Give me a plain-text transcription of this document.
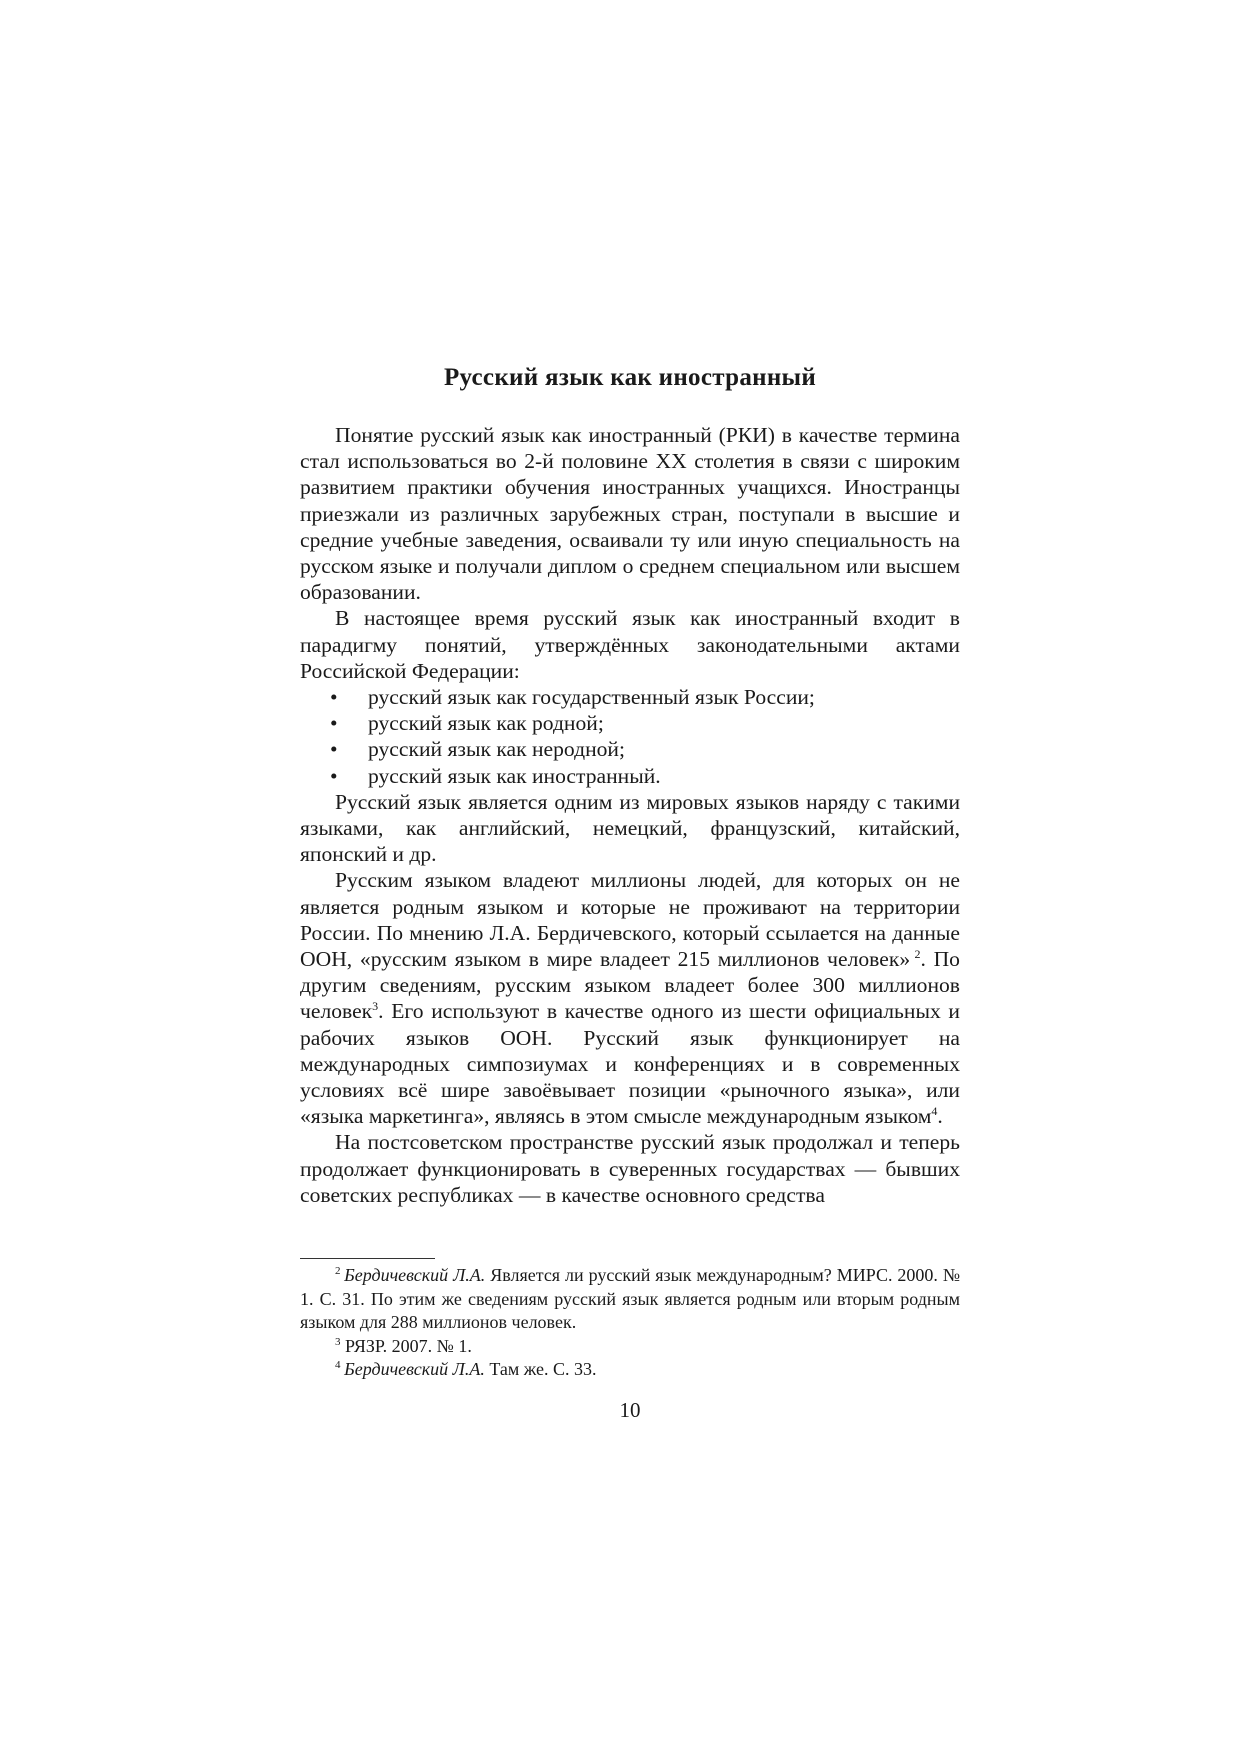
Русский язык как иностранный

Понятие русский язык как иностранный (РКИ) в качестве термина стал использоваться во 2-й половине XX столетия в связи с широким развитием практики обучения иностранных учащихся. Иностранцы приезжали из различных зарубежных стран, поступали в высшие и средние учебные заведения, осваивали ту или иную специальность на русском языке и получали диплом о среднем специальном или высшем образовании.

В настоящее время русский язык как иностранный входит в парадигму понятий, утверждённых законодательными актами Российской Федерации:

• русский язык как государственный язык России;
• русский язык как родной;
• русский язык как неродной;
• русский язык как иностранный.

Русский язык является одним из мировых языков наряду с такими языками, как английский, немецкий, французский, китайский, японский и др.

Русским языком владеют миллионы людей, для которых он не является родным языком и которые не проживают на территории России. По мнению Л.А. Бердичевского, который ссылается на данные ООН, «русским языком в мире владеет 215 миллионов человек»  $^2$. По другим сведениям, русским языком владеет более 300 миллионов человек$^3$. Его используют в качестве одного из шести официальных и рабочих языков ООН. Русский язык функционирует на международных симпозиумах и конференциях и в современных условиях всё шире завоёвывает позиции «рыночного языка», или «языка маркетинга», являясь в этом смысле международным языком$^4$.

На постсоветском пространстве русский язык продолжал и теперь продолжает функционировать в суверенных государствах — бывших советских республиках — в качестве основного средства

$^2$  Бердичевский Л.А. Является ли русский язык международным? МИРС. 2000. № 1. С. 31. По этим же сведениям русский язык является родным или вторым родным языком для 288 миллионов человек.

$^3$ РЯЗР. 2007. № 1.

$^4$  Бердичевский Л.А. Там же. С. 33.

10
